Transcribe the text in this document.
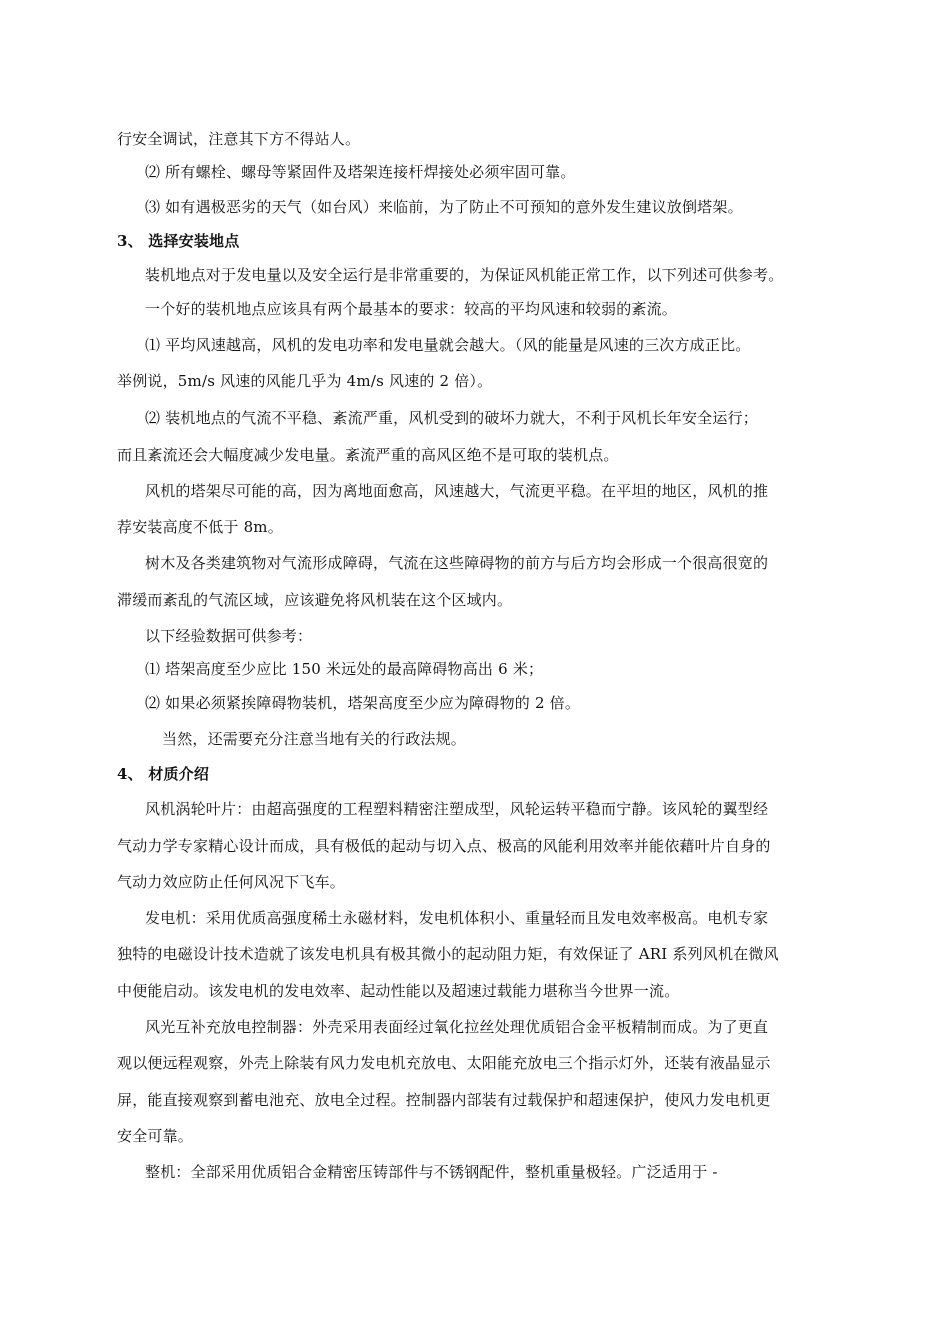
行安全调试，注意其下方不得站人。
⑵ 所有螺栓、螺母等紧固件及塔架连接杆焊接处必须牢固可靠。
⑶ 如有遇极恶劣的天气（如台风）来临前，为了防止不可预知的意外发生建议放倒塔架。
3、 选择安装地点
装机地点对于发电量以及安全运行是非常重要的，为保证风机能正常工作，以下列述可供参考。
一个好的装机地点应该具有两个最基本的要求：较高的平均风速和较弱的紊流。
⑴ 平均风速越高，风机的发电功率和发电量就会越大。（风的能量是风速的三次方成正比。
举例说，5m/s 风速的风能几乎为 4m/s 风速的 2 倍）。
⑵ 装机地点的气流不平稳、紊流严重，风机受到的破坏力就大，不利于风机长年安全运行；
而且紊流还会大幅度减少发电量。紊流严重的高风区绝不是可取的装机点。
风机的塔架尽可能的高，因为离地面愈高，风速越大，气流更平稳。在平坦的地区，风机的推
荐安装高度不低于 8m。
树木及各类建筑物对气流形成障碍，气流在这些障碍物的前方与后方均会形成一个很高很宽的
滞缓而紊乱的气流区域，应该避免将风机装在这个区域内。
以下经验数据可供参考：
⑴ 塔架高度至少应比 150 米远处的最高障碍物高出 6 米；
⑵ 如果必须紧挨障碍物装机，塔架高度至少应为障碍物的 2 倍。
当然，还需要充分注意当地有关的行政法规。
4、 材质介绍
风机涡轮叶片：由超高强度的工程塑料精密注塑成型，风轮运转平稳而宁静。该风轮的翼型经
气动力学专家精心设计而成，具有极低的起动与切入点、极高的风能利用效率并能依藉叶片自身的
气动力效应防止任何风况下飞车。
发电机：采用优质高强度稀土永磁材料，发电机体积小、重量轻而且发电效率极高。电机专家
独特的电磁设计技术造就了该发电机具有极其微小的起动阻力矩，有效保证了 ARI 系列风机在微风
中便能启动。该发电机的发电效率、起动性能以及超速过载能力堪称当今世界一流。
风光互补充放电控制器：外壳采用表面经过氧化拉丝处理优质铝合金平板精制而成。为了更直
观以便远程观察，外壳上除装有风力发电机充放电、太阳能充放电三个指示灯外，还装有液晶显示
屏，能直接观察到蓄电池充、放电全过程。控制器内部装有过载保护和超速保护，使风力发电机更
安全可靠。
整机：全部采用优质铝合金精密压铸部件与不锈钢配件，整机重量极轻。广泛适用于 -
